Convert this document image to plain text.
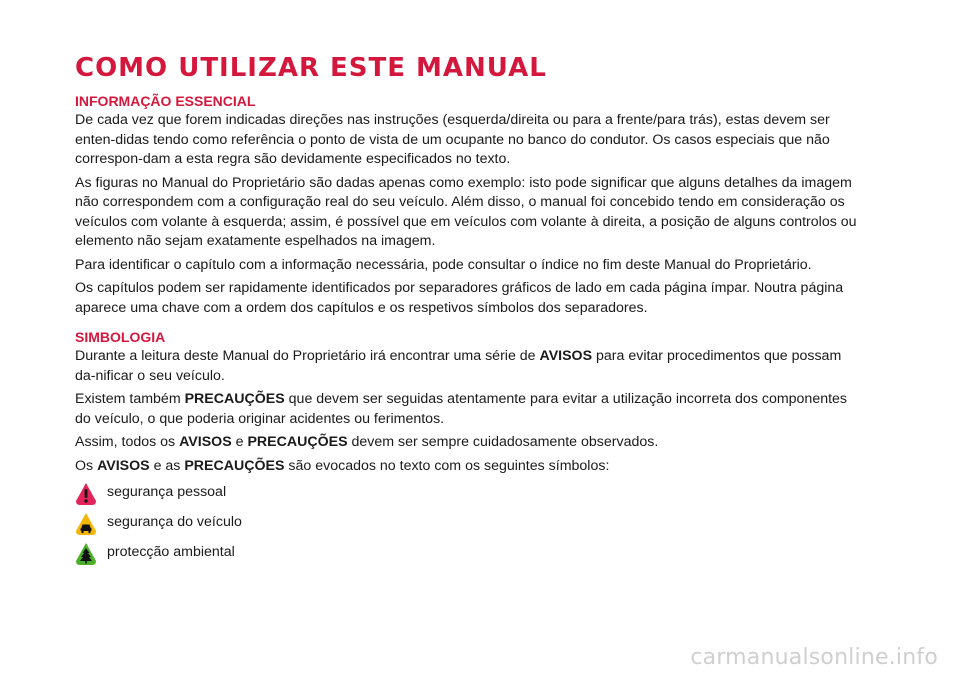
COMO UTILIZAR ESTE MANUAL
INFORMAÇÃO ESSENCIAL

De cada vez que forem indicadas direções nas instruções (esquerda/direita ou para a frente/para trás), estas devem ser enten-didas tendo como referência o ponto de vista de um ocupante no banco do condutor. Os casos especiais que não correspon-dam a esta regra são devidamente especificados no texto.

As figuras no Manual do Proprietário são dadas apenas como exemplo: isto pode significar que alguns detalhes da imagem não correspondem com a configuração real do seu veículo. Além disso, o manual foi concebido tendo em consideração os veículos com volante à esquerda; assim, é possível que em veículos com volante à direita, a posição de alguns controlos ou elemento não sejam exatamente espelhados na imagem.

Para identificar o capítulo com a informação necessária, pode consultar o índice no fim deste Manual do Proprietário.

Os capítulos podem ser rapidamente identificados por separadores gráficos de lado em cada página ímpar. Noutra página aparece uma chave com a ordem dos capítulos e os respetivos símbolos dos separadores.

SIMBOLOGIA

Durante a leitura deste Manual do Proprietário irá encontrar uma série de AVISOS para evitar procedimentos que possam da-nificar o seu veículo.

Existem também PRECAUÇÕES que devem ser seguidas atentamente para evitar a utilização incorreta dos componentes do veículo, o que poderia originar acidentes ou ferimentos.

Assim, todos os AVISOS e PRECAUÇÕES devem ser sempre cuidadosamente observados.

Os AVISOS e as PRECAUÇÕES são evocados no texto com os seguintes símbolos:

segurança pessoal
segurança do veículo
protecção ambiental
carmanualsonline.info
